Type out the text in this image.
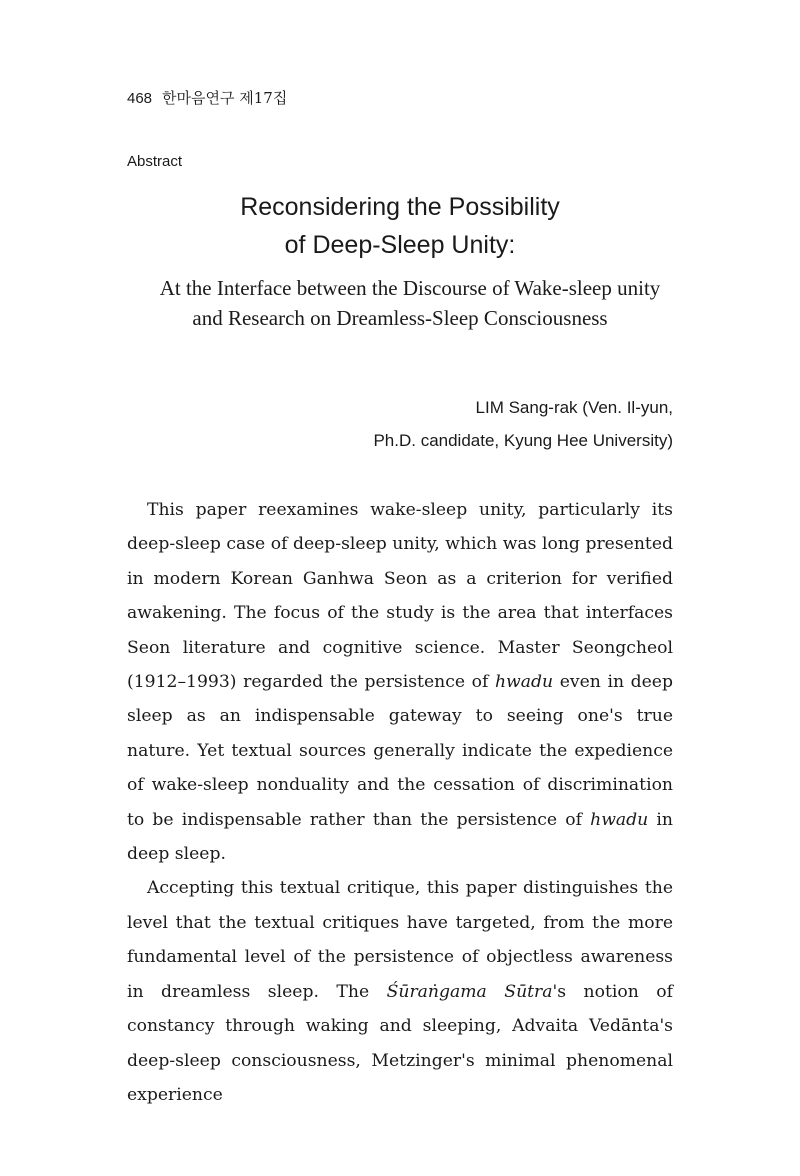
468 한마음연구 제17집
Abstract
Reconsidering the Possibility
of Deep-Sleep Unity:
At the Interface between the Discourse of Wake-sleep unity
and Research on Dreamless-Sleep Consciousness
LIM Sang-rak (Ven. Il-yun,
Ph.D. candidate, Kyung Hee University)

This paper reexamines wake-sleep unity, particularly its deep-sleep case of deep-sleep unity, which was long presented in modern Korean Ganhwa Seon as a criterion for verified awakening. The focus of the study is the area that interfaces Seon literature and cognitive science. Master Seongcheol (1912–1993) regarded the persistence of hwadu even in deep sleep as an indispensable gateway to seeing one's true nature. Yet textual sources generally indicate the expedience of wake-sleep nonduality and the cessation of discrimination to be indispensable rather than the persistence of hwadu in deep sleep.

Accepting this textual critique, this paper distinguishes the level that the textual critiques have targeted, from the more fundamental level of the persistence of objectless awareness in dreamless sleep. The Śūraṅgama Sūtra's notion of constancy through waking and sleeping, Advaita Vedānta's deep-sleep consciousness, Metzinger's minimal phenomenal experience
